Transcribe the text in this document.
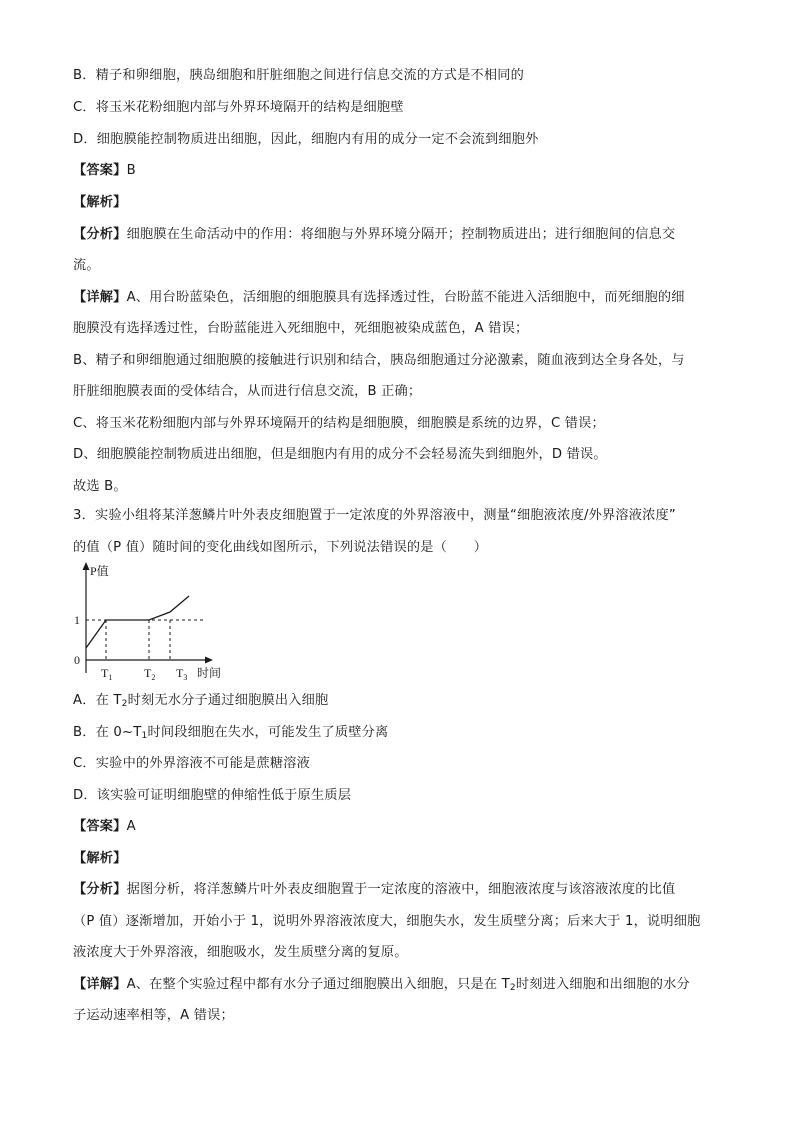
B．精子和卵细胞，胰岛细胞和肝脏细胞之间进行信息交流的方式是不相同的
C．将玉米花粉细胞内部与外界环境隔开的结构是细胞壁
D．细胞膜能控制物质进出细胞，因此，细胞内有用的成分一定不会流到细胞外
【答案】B
【解析】
【分析】细胞膜在生命活动中的作用：将细胞与外界环境分隔开；控制物质进出；进行细胞间的信息交
流。
【详解】A、用台盼蓝染色，活细胞的细胞膜具有选择透过性，台盼蓝不能进入活细胞中，而死细胞的细
胞膜没有选择透过性，台盼蓝能进入死细胞中，死细胞被染成蓝色，A 错误；
B、精子和卵细胞通过细胞膜的接触进行识别和结合，胰岛细胞通过分泌激素，随血液到达全身各处，与
肝脏细胞膜表面的受体结合，从而进行信息交流，B 正确；
C、将玉米花粉细胞内部与外界环境隔开的结构是细胞膜，细胞膜是系统的边界，C 错误；
D、细胞膜能控制物质进出细胞，但是细胞内有用的成分不会轻易流失到细胞外，D 错误。
故选 B。
3．实验小组将某洋葱鳞片叶外表皮细胞置于一定浓度的外界溶液中，测量“细胞液浓度/外界溶液浓度”
的值（P 值）随时间的变化曲线如图所示，下列说法错误的是（　　）
P值
1
0
$T_1$	$T_2$ $T_3$ 时间
A．在 $T_2$时刻无水分子通过细胞膜出入细胞
B．在 $0\sim T_1$时间段细胞在失水，可能发生了质壁分离
C．实验中的外界溶液不可能是蔗糖溶液
D．该实验可证明细胞壁的伸缩性低于原生质层
【答案】A
【解析】
【分析】据图分析，将洋葱鳞片叶外表皮细胞置于一定浓度的溶液中，细胞液浓度与该溶液浓度的比值
（P 值）逐渐增加，开始小于 1，说明外界溶液浓度大，细胞失水，发生质壁分离；后来大于 1，说明细胞
液浓度大于外界溶液，细胞吸水，发生质壁分离的复原。
【详解】A、在整个实验过程中都有水分子通过细胞膜出入细胞，只是在 $T_2$时刻进入细胞和出细胞的水分
子运动速率相等，A 错误；
